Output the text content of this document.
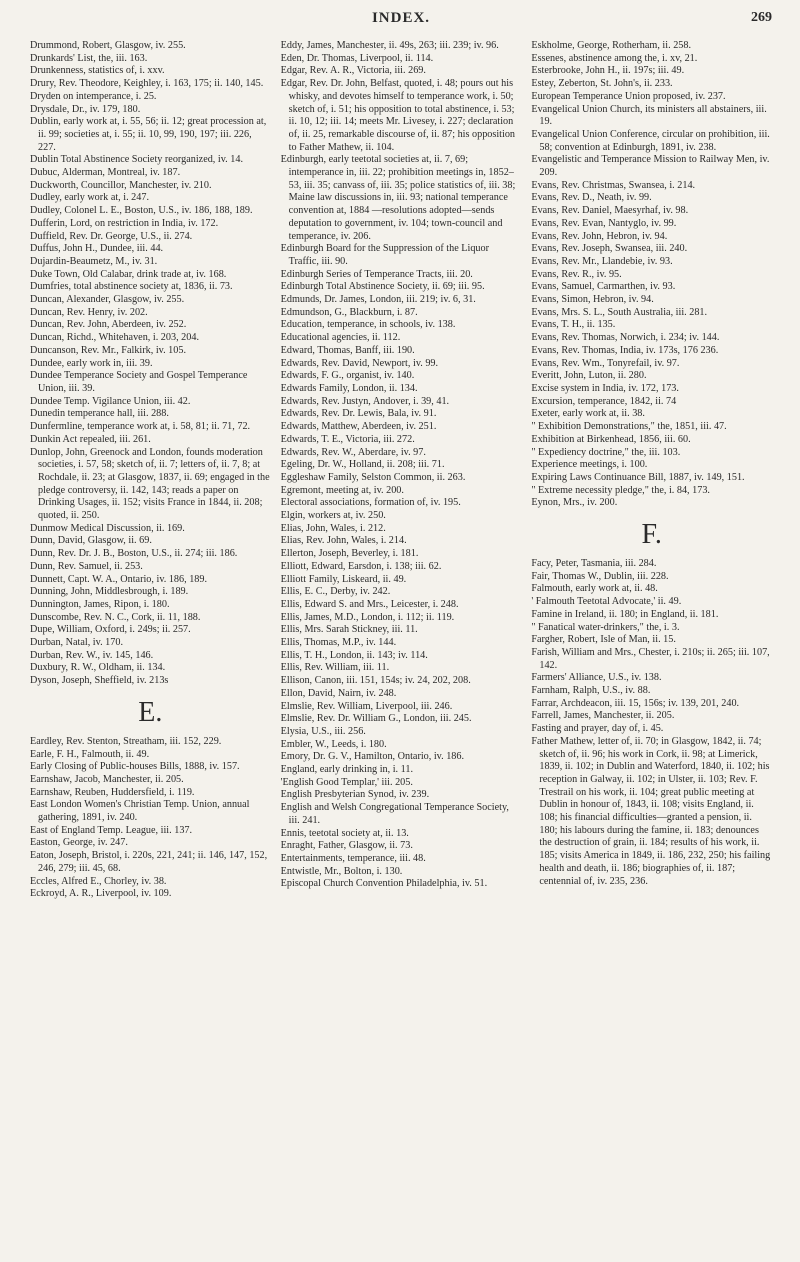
INDEX.	269

Drummond, Robert, Glasgow, iv. 255.

Drunkards' List, the, iii. 163.

Drunkenness, statistics of, i. xxv.

Drury, Rev. Theodore, Keighley, i. 163, 175; ii. 140, 145.

Dryden on intemperance, i. 25.

Drysdale, Dr., iv. 179, 180.

Dublin, early work at, i. 55, 56; ii. 12; great procession at, ii. 99; societies at, i. 55; ii. 10, 99, 190, 197; iii. 226, 227.

Dublin Total Abstinence Society reorganized, iv. 14.

Dubuc, Alderman, Montreal, iv. 187.

Duckworth, Councillor, Manchester, iv. 210.

Dudley, early work at, i. 247.

Dudley, Colonel L. E., Boston, U.S., iv. 186, 188, 189.

Dufferin, Lord, on restriction in India, iv. 172.

Duffield, Rev. Dr. George, U.S., ii. 274.

Duffus, John H., Dundee, iii. 44.

Dujardin-Beaumetz, M., iv. 31.

Duke Town, Old Calabar, drink trade at, iv. 168.

Dumfries, total abstinence society at, 1836, ii. 73.

Duncan, Alexander, Glasgow, iv. 255.

Duncan, Rev. Henry, iv. 202.

Duncan, Rev. John, Aberdeen, iv. 252.

Duncan, Richd., Whitehaven, i. 203, 204.

Duncanson, Rev. Mr., Falkirk, iv. 105.

Dundee, early work in, iii. 39.

Dundee Temperance Society and Gospel Temperance Union, iii. 39.

Dundee Temp. Vigilance Union, iii. 42.

Dunedin temperance hall, iii. 288.

Dunfermline, temperance work at, i. 58, 81; ii. 71, 72.

Dunkin Act repealed, iii. 261.

Dunlop, John, Greenock and London, founds moderation societies, i. 57, 58; sketch of, ii. 7; letters of, ii. 7, 8; at Rochdale, ii. 23; at Glasgow, 1837, ii. 69; engaged in the pledge controversy, ii. 142, 143; reads a paper on Drinking Usages, ii. 152; visits France in 1844, ii. 208; quoted, ii. 250.

Dunmow Medical Discussion, ii. 169.

Dunn, David, Glasgow, ii. 69.

Dunn, Rev. Dr. J. B., Boston, U.S., ii. 274; iii. 186.

Dunn, Rev. Samuel, ii. 253.

Dunnett, Capt. W. A., Ontario, iv. 186, 189.

Dunning, John, Middlesbrough, i. 189.

Dunnington, James, Ripon, i. 180.

Dunscombe, Rev. N. C., Cork, ii. 11, 188.

Dupe, William, Oxford, i. 249s; ii. 257.

Durban, Natal, iv. 170.

Durban, Rev. W., iv. 145, 146.

Duxbury, R. W., Oldham, ii. 134.

Dyson, Joseph, Sheffield, iv. 213s

E.

Eardley, Rev. Stenton, Streatham, iii. 152, 229.

Earle, F. H., Falmouth, ii. 49.

Early Closing of Public-houses Bills, 1888, iv. 157.

Earnshaw, Jacob, Manchester, ii. 205.

Earnshaw, Reuben, Huddersfield, i. 119.

East London Women's Christian Temp. Union, annual gathering, 1891, iv. 240.

East of England Temp. League, iii. 137.

Easton, George, iv. 247.

Eaton, Joseph, Bristol, i. 220s, 221, 241; ii. 146, 147, 152, 246, 279; iii. 45, 68.

Eccles, Alfred E., Chorley, iv. 38.

Eckroyd, A. R., Liverpool, iv. 109.

Eddy, James, Manchester, ii. 49s, 263; iii. 239; iv. 96.

Eden, Dr. Thomas, Liverpool, ii. 114.

Edgar, Rev. A. R., Victoria, iii. 269.

Edgar, Rev. Dr. John, Belfast, quoted, i. 48; pours out his whisky, and devotes himself to temperance work, i. 50; sketch of, i. 51; his opposition to total abstinence, i. 53; ii. 10, 12; iii. 14; meets Mr. Livesey, i. 227; declaration of, ii. 25, remarkable discourse of, ii. 87; his opposition to Father Mathew, ii. 104.

Edinburgh, early teetotal societies at, ii. 7, 69; intemperance in, iii. 22; prohibition meetings in, 1852–53, iii. 35; canvass of, iii. 35; police statistics of, iii. 38; Maine law discussions in, iii. 93; national temperance convention at, 1884 —resolutions adopted—sends deputation to government, iv. 104; town-council and temperance, iv. 206.

Edinburgh Board for the Suppression of the Liquor Traffic, iii. 90.

Edinburgh Series of Temperance Tracts, iii. 20.

Edinburgh Total Abstinence Society, ii. 69; iii. 95.

Edmunds, Dr. James, London, iii. 219; iv. 6, 31.

Edmundson, G., Blackburn, i. 87.

Education, temperance, in schools, iv. 138.

Educational agencies, ii. 112.

Edward, Thomas, Banff, iii. 190.

Edwards, Rev. David, Newport, iv. 99.

Edwards, F. G., organist, iv. 140.

Edwards Family, London, ii. 134.

Edwards, Rev. Justyn, Andover, i. 39, 41.

Edwards, Rev. Dr. Lewis, Bala, iv. 91.

Edwards, Matthew, Aberdeen, iv. 251.

Edwards, T. E., Victoria, iii. 272.

Edwards, Rev. W., Aberdare, iv. 97.

Egeling, Dr. W., Holland, ii. 208; iii. 71.

Eggleshaw Family, Selston Common, ii. 263.

Egremont, meeting at, iv. 200.

Electoral associations, formation of, iv. 195.

Elgin, workers at, iv. 250.

Elias, John, Wales, i. 212.

Elias, Rev. John, Wales, i. 214.

Ellerton, Joseph, Beverley, i. 181.

Elliott, Edward, Earsdon, i. 138; iii. 62.

Elliott Family, Liskeard, ii. 49.

Ellis, E. C., Derby, iv. 242.

Ellis, Edward S. and Mrs., Leicester, i. 248.

Ellis, James, M.D., London, i. 112; ii. 119.

Ellis, Mrs. Sarah Stickney, iii. 11.

Ellis, Thomas, M.P., iv. 144.

Ellis, T. H., London, ii. 143; iv. 114.

Ellis, Rev. William, iii. 11.

Ellison, Canon, iii. 151, 154s; iv. 24, 202, 208.

Ellon, David, Nairn, iv. 248.

Elmslie, Rev. William, Liverpool, iii. 246.

Elmslie, Rev. Dr. William G., London, iii. 245.

Elysia, U.S., iii. 256.

Embler, W., Leeds, i. 180.

Emory, Dr. G. V., Hamilton, Ontario, iv. 186.

England, early drinking in, i. 11.

'English Good Templar,' iii. 205.

English Presbyterian Synod, iv. 239.

English and Welsh Congregational Temperance Society, iii. 241.

Ennis, teetotal society at, ii. 13.

Enraght, Father, Glasgow, ii. 73.

Entertainments, temperance, iii. 48.

Entwistle, Mr., Bolton, i. 130.

Episcopal Church Convention Philadelphia, iv. 51.

Eskholme, George, Rotherham, ii. 258.

Essenes, abstinence among the, i. xv, 21.

Esterbrooke, John H., ii. 197s; iii. 49.

Estey, Zeberton, St. John's, ii. 233.

European Temperance Union proposed, iv. 237.

Evangelical Union Church, its ministers all abstainers, iii. 19.

Evangelical Union Conference, circular on prohibition, iii. 58; convention at Edinburgh, 1891, iv. 238.

Evangelistic and Temperance Mission to Railway Men, iv. 209.

Evans, Rev. Christmas, Swansea, i. 214.

Evans, Rev. D., Neath, iv. 99.

Evans, Rev. Daniel, Maesyrhaf, iv. 98.

Evans, Rev. Evan, Nantyglo, iv. 99.

Evans, Rev. John, Hebron, iv. 94.

Evans, Rev. Joseph, Swansea, iii. 240.

Evans, Rev. Mr., Llandebie, iv. 93.

Evans, Rev. R., iv. 95.

Evans, Samuel, Carmarthen, iv. 93.

Evans, Simon, Hebron, iv. 94.

Evans, Mrs. S. L., South Australia, iii. 281.

Evans, T. H., ii. 135.

Evans, Rev. Thomas, Norwich, i. 234; iv. 144.

Evans, Rev. Thomas, India, iv. 173s, 176 236.

Evans, Rev. Wm., Tonyrefail, iv. 97.

Everitt, John, Luton, ii. 280.

Excise system in India, iv. 172, 173.

Excursion, temperance, 1842, ii. 74

Exeter, early work at, ii. 38.

" Exhibition Demonstrations," the, 1851, iii. 47.

Exhibition at Birkenhead, 1856, iii. 60.

" Expediency doctrine," the, iii. 103.

Experience meetings, i. 100.

Expiring Laws Continuance Bill, 1887, iv. 149, 151.

" Extreme necessity pledge," the, i. 84, 173.

Eynon, Mrs., iv. 200.

F.

Facy, Peter, Tasmania, iii. 284.

Fair, Thomas W., Dublin, iii. 228.

Falmouth, early work at, ii. 48.

' Falmouth Teetotal Advocate,' ii. 49.

Famine in Ireland, ii. 180; in England, ii. 181.

" Fanatical water-drinkers," the, i. 3.

Fargher, Robert, Isle of Man, ii. 15.

Farish, William and Mrs., Chester, i. 210s; ii. 265; iii. 107, 142.

Farmers' Alliance, U.S., iv. 138.

Farnham, Ralph, U.S., iv. 88.

Farrar, Archdeacon, iii. 15, 156s; iv. 139, 201, 240.

Farrell, James, Manchester, ii. 205.

Fasting and prayer, day of, i. 45.

Father Mathew, letter of, ii. 70; in Glasgow, 1842, ii. 74; sketch of, ii. 96; his work in Cork, ii. 98; at Limerick, 1839, ii. 102; in Dublin and Waterford, 1840, ii. 102; his reception in Galway, ii. 102; in Ulster, ii. 103; Rev. F. Trestrail on his work, ii. 104; great public meeting at Dublin in honour of, 1843, ii. 108; visits England, ii. 108; his financial difficulties—granted a pension, ii. 180; his labours during the famine, ii. 183; denounces the destruction of grain, ii. 184; results of his work, ii. 185; visits America in 1849, ii. 186, 232, 250; his failing health and death, ii. 186; biographies of, ii. 187; centennial of, iv. 235, 236.
